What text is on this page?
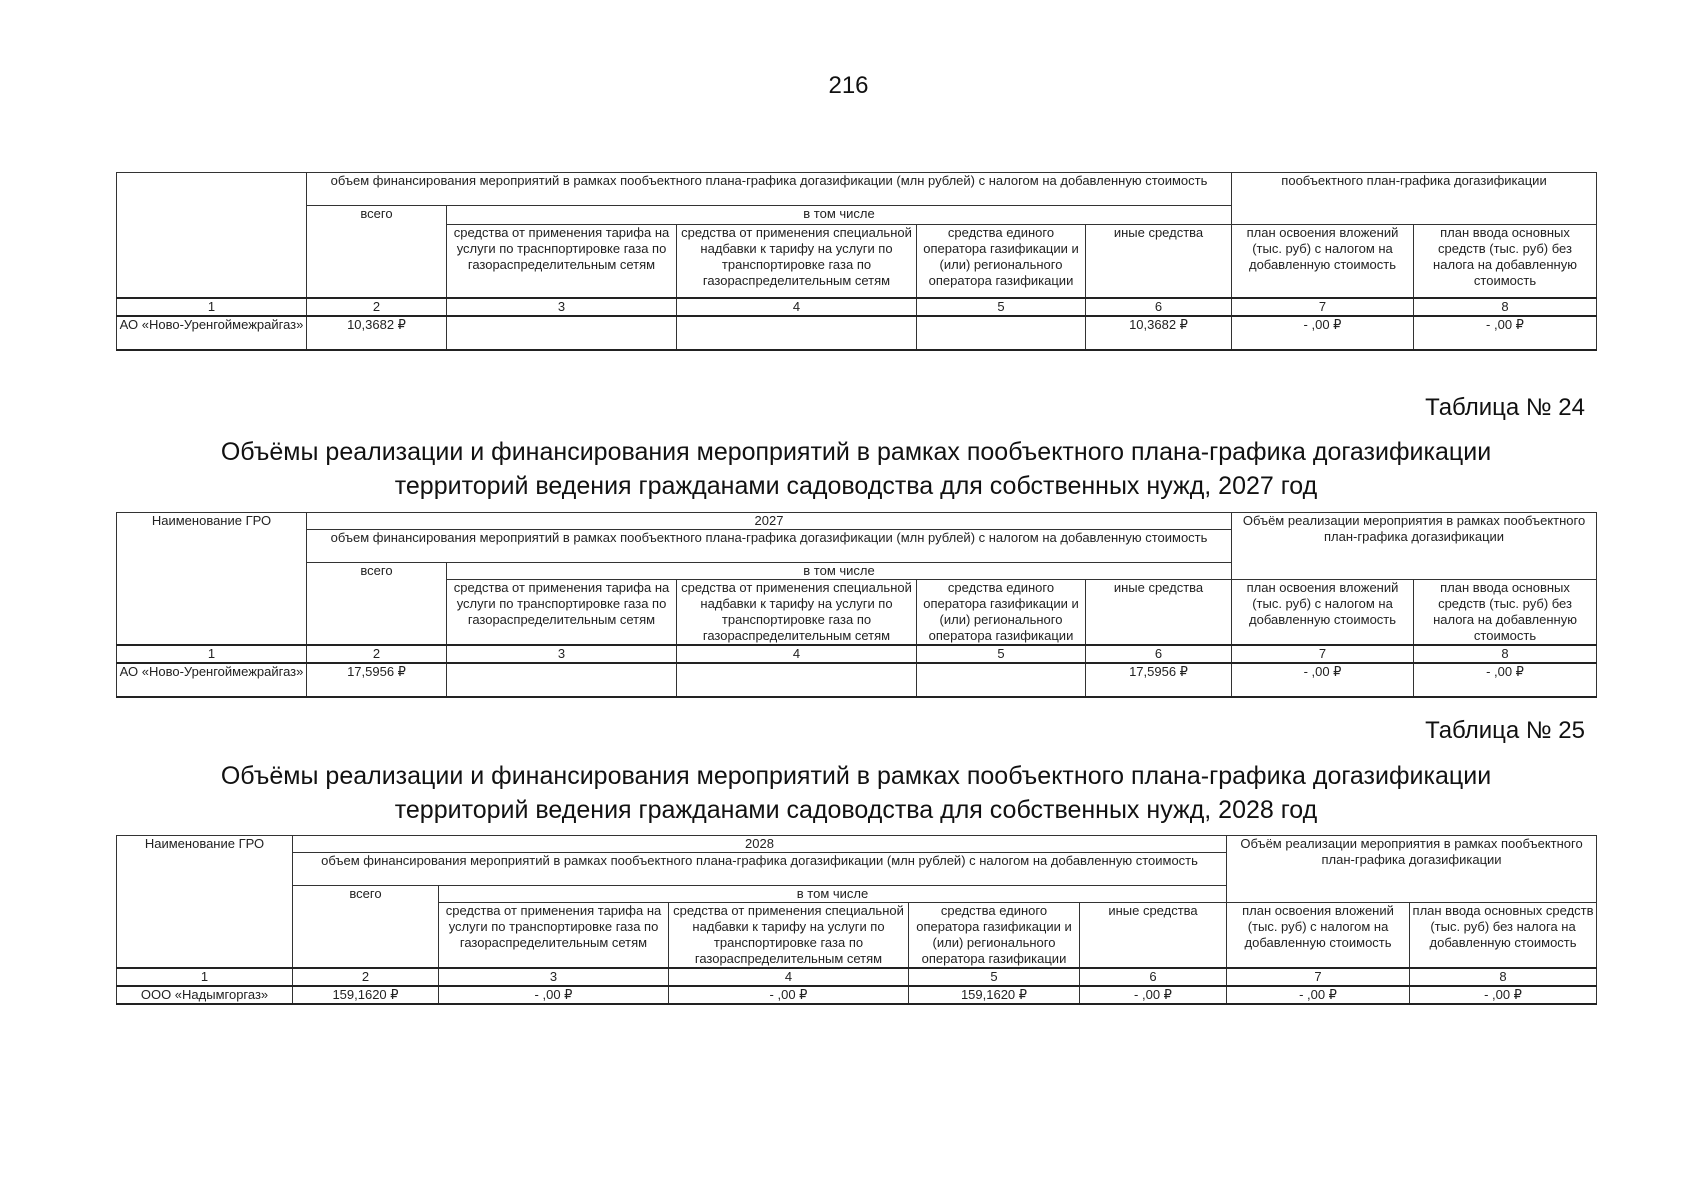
216
	объем финансирования мероприятий в рамках пообъектного плана-графика догазификации (млн рублей) с налогом на добавленную стоимость					пообъектного план-графика догазификации	
	всего	в том числе					
		средства от применения тарифа на услуги по траснпортировке газа по газораспределительным сетям	средства от применения специальной надбавки к тарифу на услуги по транспортировке газа по газораспределительным сетям	средства единого оператора газификации и (или) регионального оператора газификации	иные средства	план освоения вложений (тыс. руб) с налогом на добавленную стоимость	план ввода основных средств (тыс. руб) без налога на добавленную стоимость
1	2	3	4	5	6	7	8
АО «Ново-Уренгоймежрайгаз»	10,3682 ₽				10,3682 ₽	- ,00 ₽	- ,00 ₽
Таблица № 24
Объёмы реализации и финансирования мероприятий в рамках пообъектного плана-графика догазификации
территорий ведения гражданами садоводства для собственных нужд, 2027 год
Наименование ГРО	2027					Объём реализации мероприятия в рамках пообъектного план-графика догазификации	
	объем финансирования мероприятий в рамках пообъектного плана-графика догазификации (млн рублей) с налогом на добавленную стоимость						
	всего	в том числе					
		средства от применения тарифа на услуги по транспортировке газа по газораспределительным сетям	средства от применения специальной надбавки к тарифу на услуги по транспортировке газа по газораспределительным сетям	средства единого оператора газификации и (или) регионального оператора газификации	иные средства	план освоения вложений (тыс. руб) с налогом на добавленную стоимость	план ввода основных средств (тыс. руб) без налога на добавленную стоимость
1	2	3	4	5	6	7	8
АО «Ново-Уренгоймежрайгаз»	17,5956 ₽				17,5956 ₽	- ,00 ₽	- ,00 ₽
Таблица № 25
Объёмы реализации и финансирования мероприятий в рамках пообъектного плана-графика догазификации
территорий ведения гражданами садоводства для собственных нужд, 2028 год
Наименование ГРО	2028					Объём реализации мероприятия в рамках пообъектного план-графика догазификации	
	объем финансирования мероприятий в рамках пообъектного плана-графика догазификации (млн рублей) с налогом на добавленную стоимость						
	всего	в том числе					
		средства от применения тарифа на услуги по транспортировке газа по газораспределительным сетям	средства от применения специальной надбавки к тарифу на услуги по транспортировке газа по газораспределительным сетям	средства единого оператора газификации и (или) регионального оператора газификации	иные средства	план освоения вложений (тыс. руб) с налогом на добавленную стоимость	план ввода основных средств (тыс. руб) без налога на добавленную стоимость
1	2	3	4	5	6	7	8
ООО «Надымгоргаз»	159,1620 ₽	- ,00 ₽	- ,00 ₽	159,1620 ₽	- ,00 ₽	- ,00 ₽	- ,00 ₽
